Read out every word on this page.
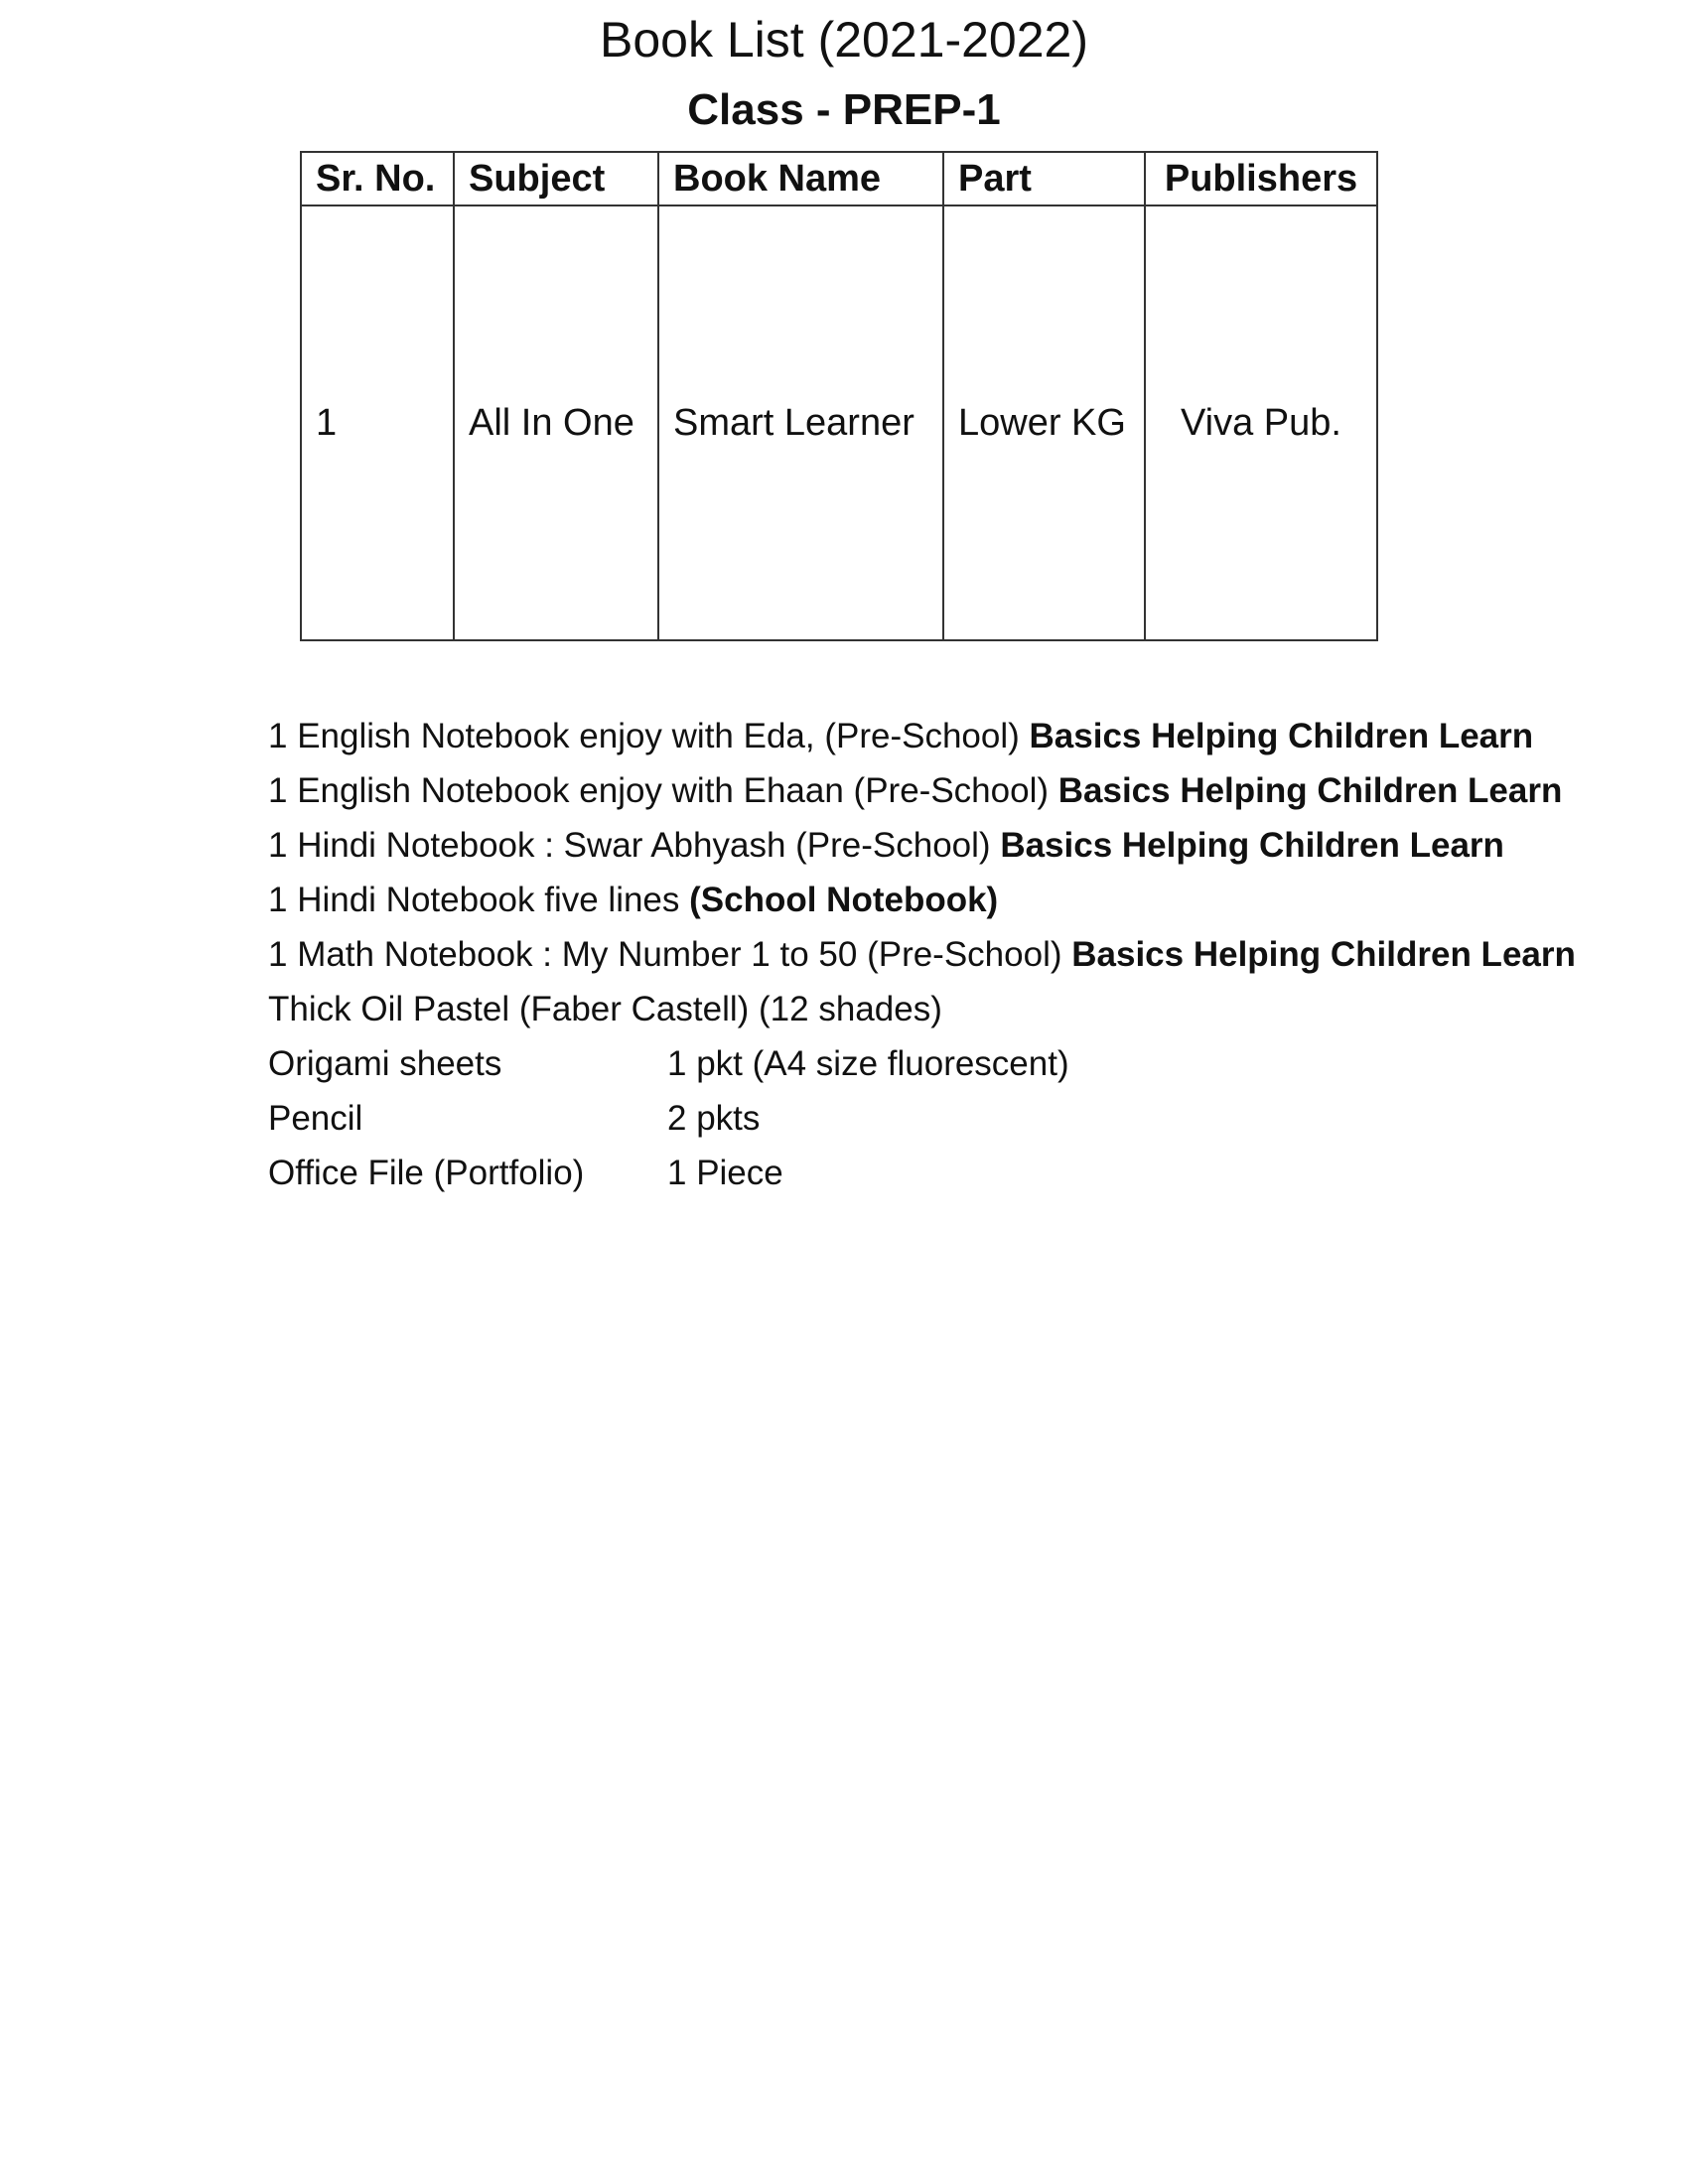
Book List (2021-2022)
Class - PREP-1
Sr. No.	Subject	Book Name	Part	Publishers
1	All In One	Smart Learner	Lower KG	Viva Pub.
1 English Notebook enjoy with Eda, (Pre-School) Basics Helping Children Learn
1 English Notebook enjoy with Ehaan (Pre-School) Basics Helping Children Learn
1 Hindi Notebook : Swar Abhyash (Pre-School) Basics Helping Children Learn
1 Hindi Notebook five lines (School Notebook)
1 Math Notebook : My Number 1 to 50 (Pre-School) Basics Helping Children Learn
Thick Oil Pastel (Faber Castell) (12 shades)
Origami sheets	1 pkt (A4 size fluorescent)
Pencil	2 pkts
Office File (Portfolio)	1 Piece
